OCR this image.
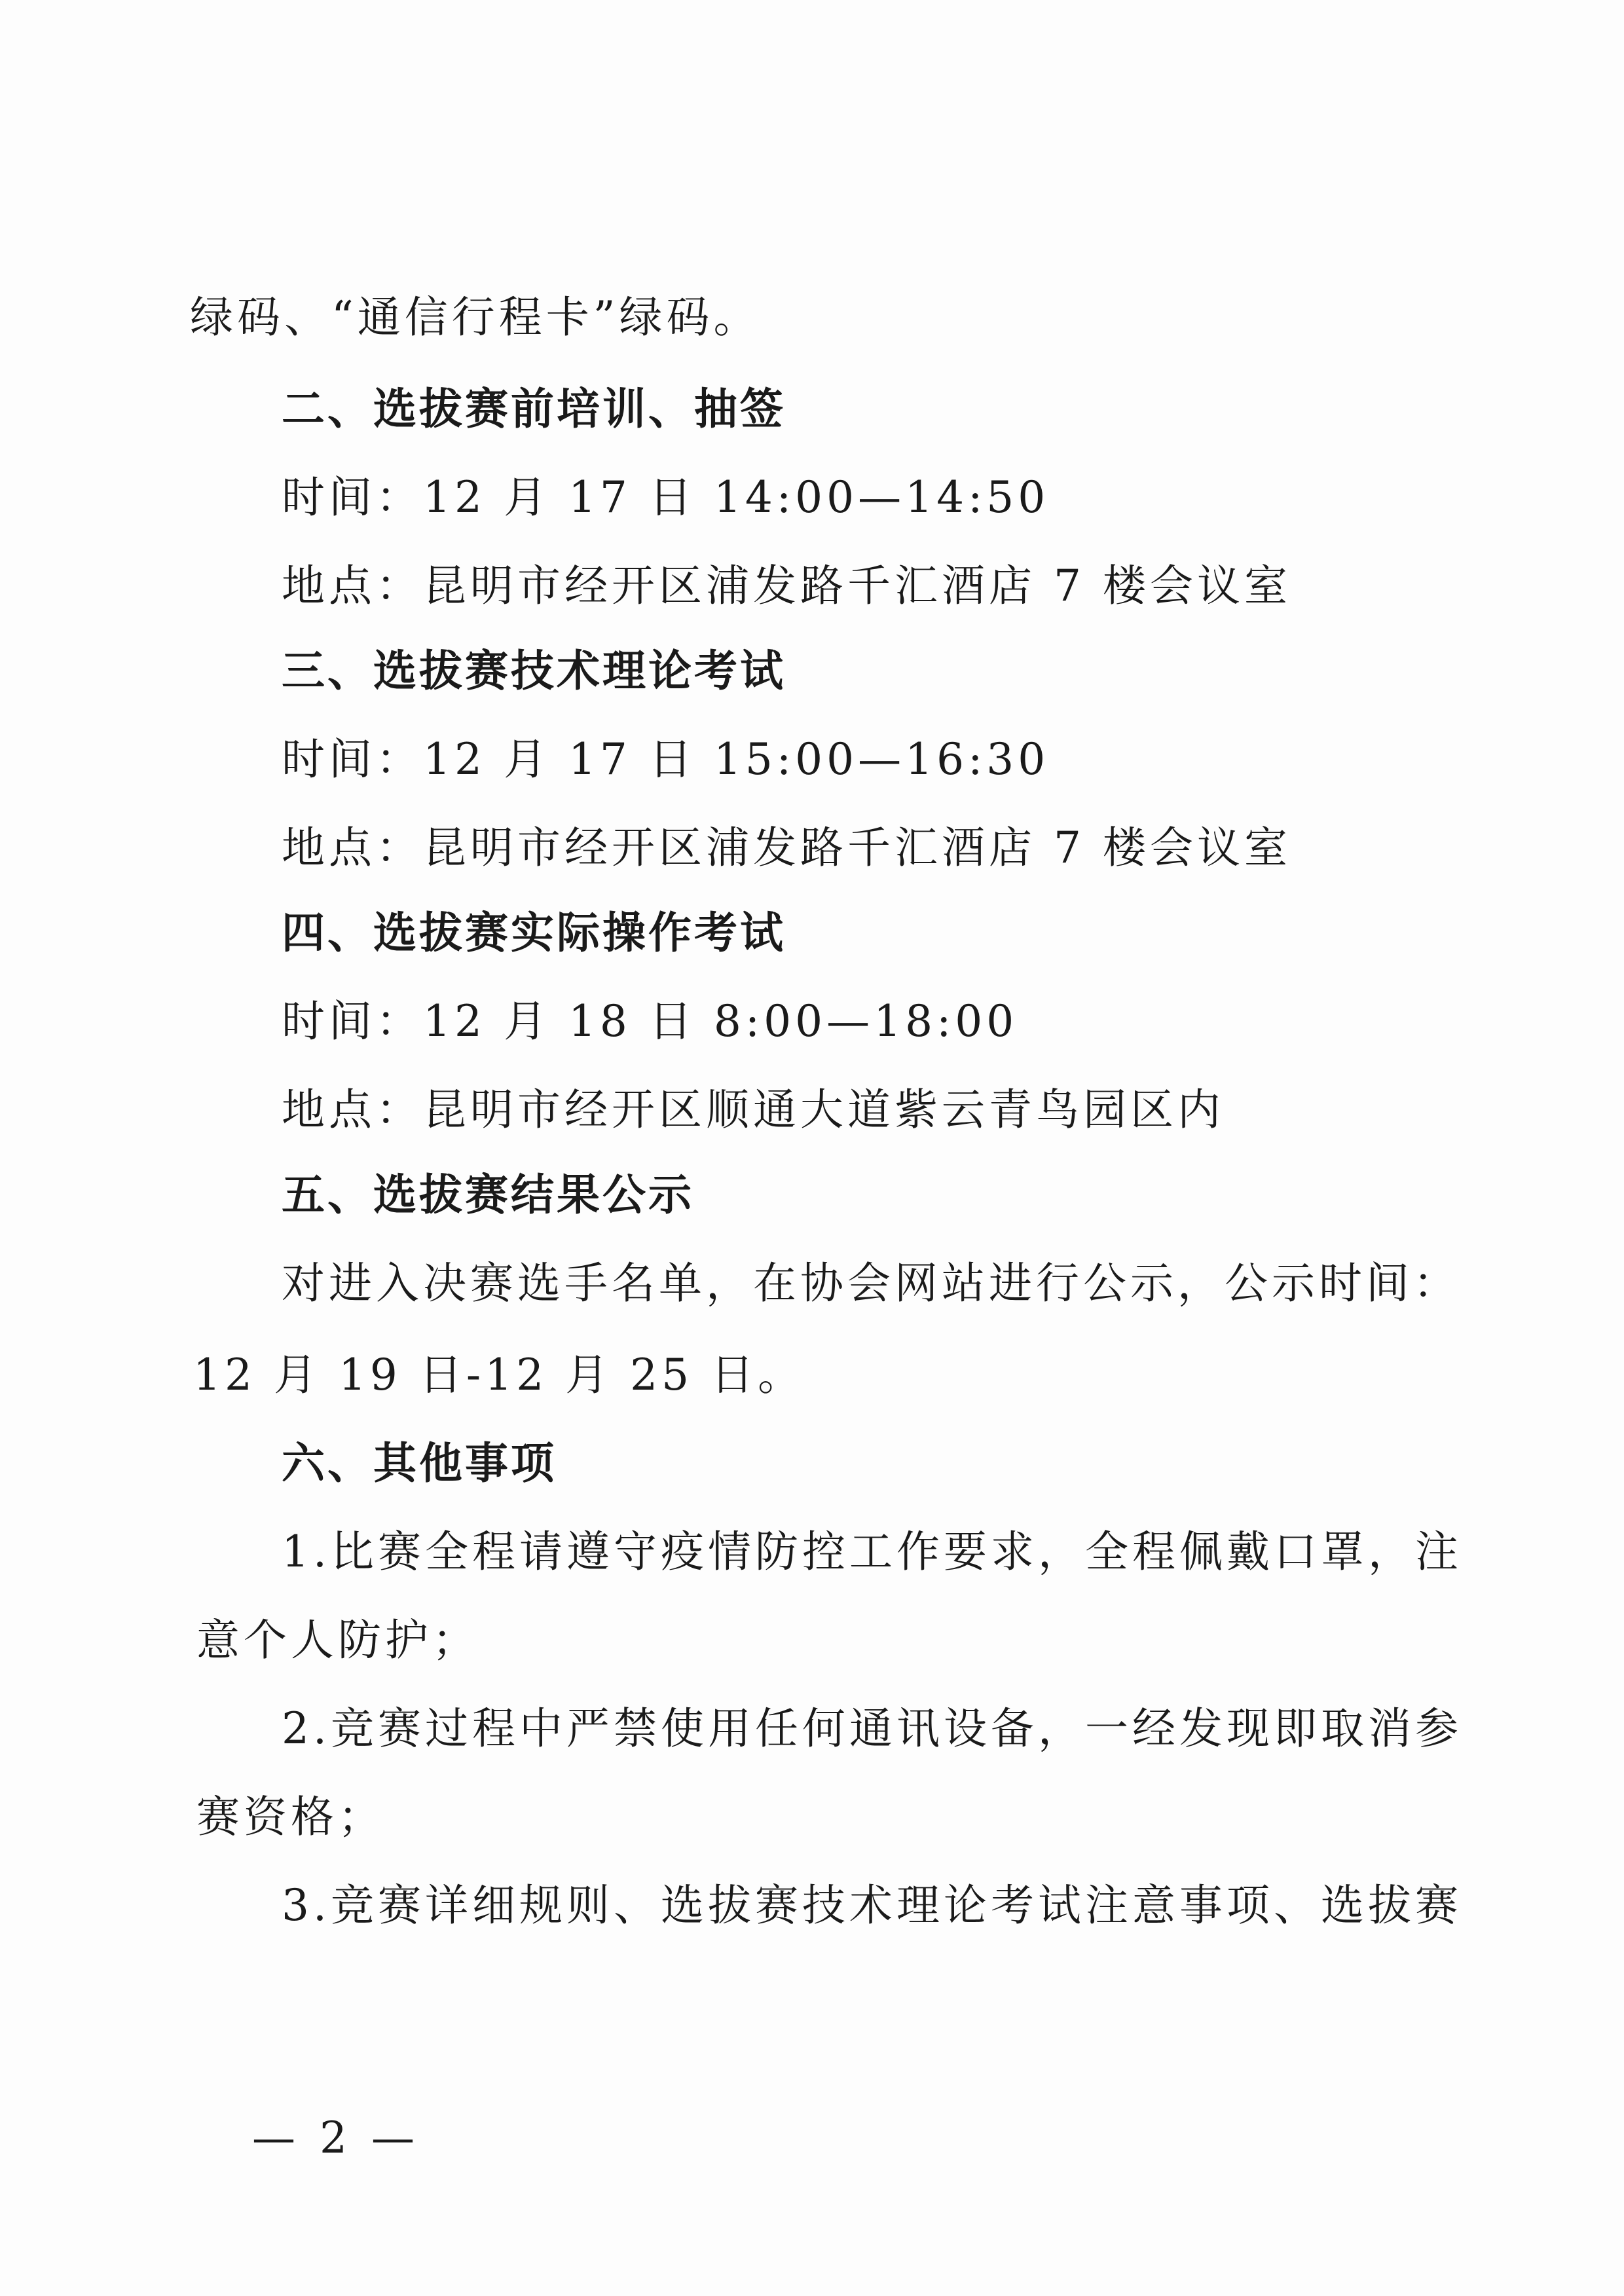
绿码、“通信行程卡”绿码。
二、选拔赛前培训、抽签
时间：12 月 17 日 14:00—14:50
地点：昆明市经开区浦发路千汇酒店 7 楼会议室
三、选拔赛技术理论考试
时间：12 月 17 日 15:00—16:30
地点：昆明市经开区浦发路千汇酒店 7 楼会议室
四、选拔赛实际操作考试
时间：12 月 18 日 8:00—18:00
地点：昆明市经开区顺通大道紫云青鸟园区内
五、选拔赛结果公示
对进入决赛选手名单，在协会网站进行公示，公示时间：
12 月 19 日-12 月 25 日。
六、其他事项
1.比赛全程请遵守疫情防控工作要求，全程佩戴口罩，注
意个人防护；
2.竞赛过程中严禁使用任何通讯设备，一经发现即取消参
赛资格；
3.竞赛详细规则、选拔赛技术理论考试注意事项、选拔赛
— 2 —
